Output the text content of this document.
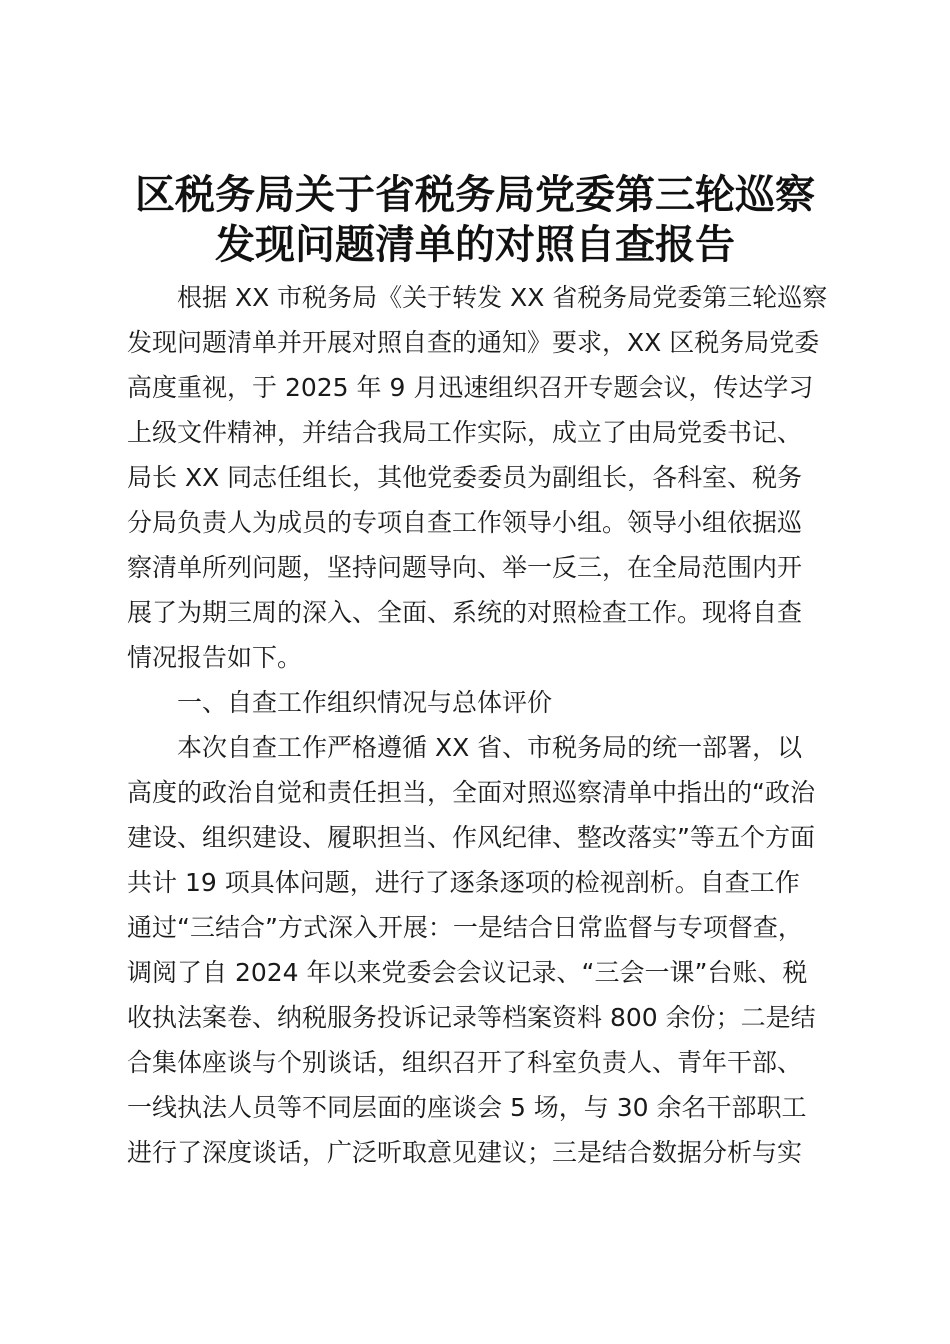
区税务局关于省税务局党委第三轮巡察
发现问题清单的对照自查报告
根据 XX 市税务局《关于转发 XX 省税务局党委第三轮巡察
发现问题清单并开展对照自查的通知》要求，XX 区税务局党委
高度重视，于 2025 年 9 月迅速组织召开专题会议，传达学习
上级文件精神，并结合我局工作实际，成立了由局党委书记、
局长 XX 同志任组长，其他党委委员为副组长，各科室、税务
分局负责人为成员的专项自查工作领导小组。领导小组依据巡
察清单所列问题，坚持问题导向、举一反三，在全局范围内开
展了为期三周的深入、全面、系统的对照检查工作。现将自查
情况报告如下。
一、自查工作组织情况与总体评价
本次自查工作严格遵循 XX 省、市税务局的统一部署，以
高度的政治自觉和责任担当，全面对照巡察清单中指出的“政治
建设、组织建设、履职担当、作风纪律、整改落实”等五个方面
共计 19 项具体问题，进行了逐条逐项的检视剖析。自查工作
通过“三结合”方式深入开展：一是结合日常监督与专项督查，
调阅了自 2024 年以来党委会会议记录、“三会一课”台账、税
收执法案卷、纳税服务投诉记录等档案资料 800 余份；二是结
合集体座谈与个别谈话，组织召开了科室负责人、青年干部、
一线执法人员等不同层面的座谈会 5 场，与 30 余名干部职工
进行了深度谈话，广泛听取意见建议；三是结合数据分析与实
